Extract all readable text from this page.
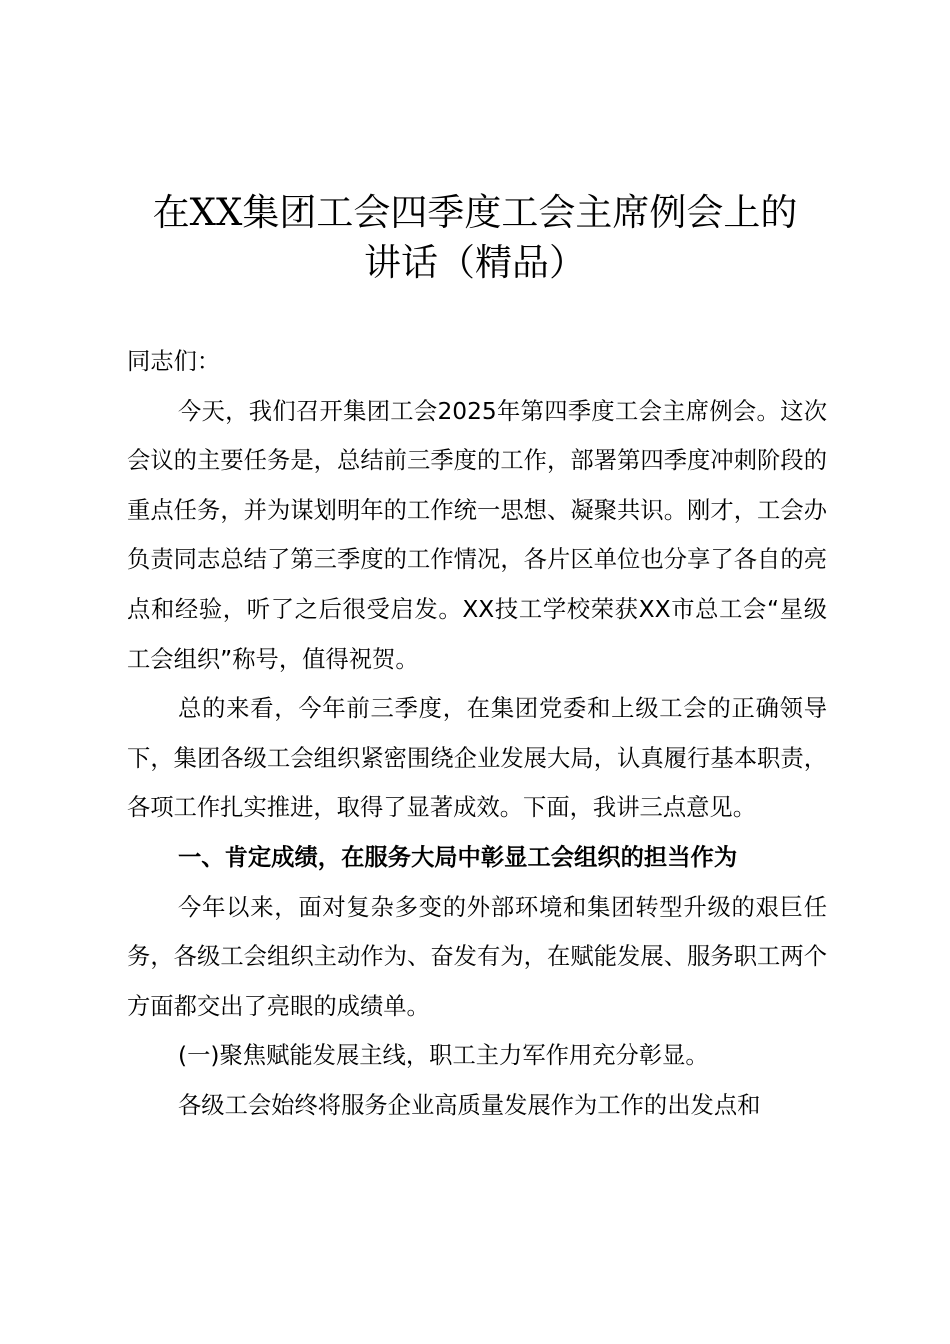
在XX集团工会四季度工会主席例会上的
讲话（精品）

同志们：

今天，我们召开集团工会2025年第四季度工会主席例会。这次会议的主要任务是，总结前三季度的工作，部署第四季度冲刺阶段的重点任务，并为谋划明年的工作统一思想、凝聚共识。刚才，工会办负责同志总结了第三季度的工作情况，各片区单位也分享了各自的亮点和经验，听了之后很受启发。XX技工学校荣获XX市总工会“星级工会组织”称号，值得祝贺。

总的来看，今年前三季度，在集团党委和上级工会的正确领导下，集团各级工会组织紧密围绕企业发展大局，认真履行基本职责，各项工作扎实推进，取得了显著成效。下面，我讲三点意见。

一、肯定成绩，在服务大局中彰显工会组织的担当作为

今年以来，面对复杂多变的外部环境和集团转型升级的艰巨任务，各级工会组织主动作为、奋发有为，在赋能发展、服务职工两个方面都交出了亮眼的成绩单。

(一)聚焦赋能发展主线，职工主力军作用充分彰显。

各级工会始终将服务企业高质量发展作为工作的出发点和
